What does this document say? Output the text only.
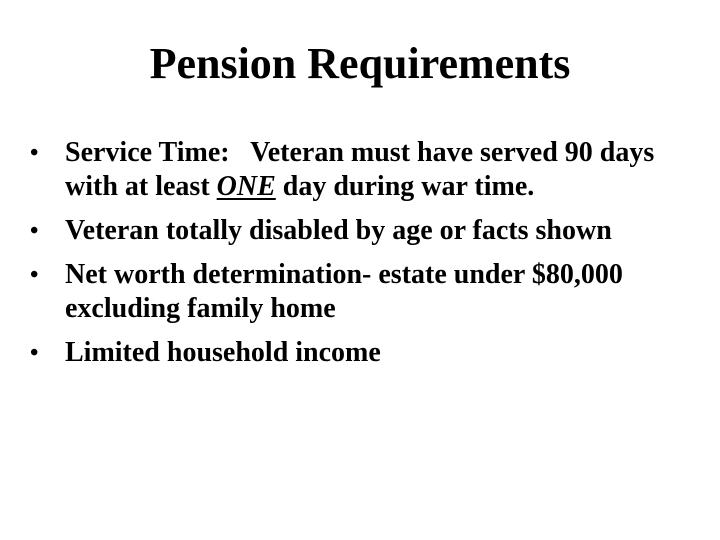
Pension Requirements
• Service Time:   Veteran must have served 90 days with at least ONE day during war time.
• Veteran totally disabled by age or facts shown
• Net worth determination- estate under $80,000 excluding family home
• Limited household income
